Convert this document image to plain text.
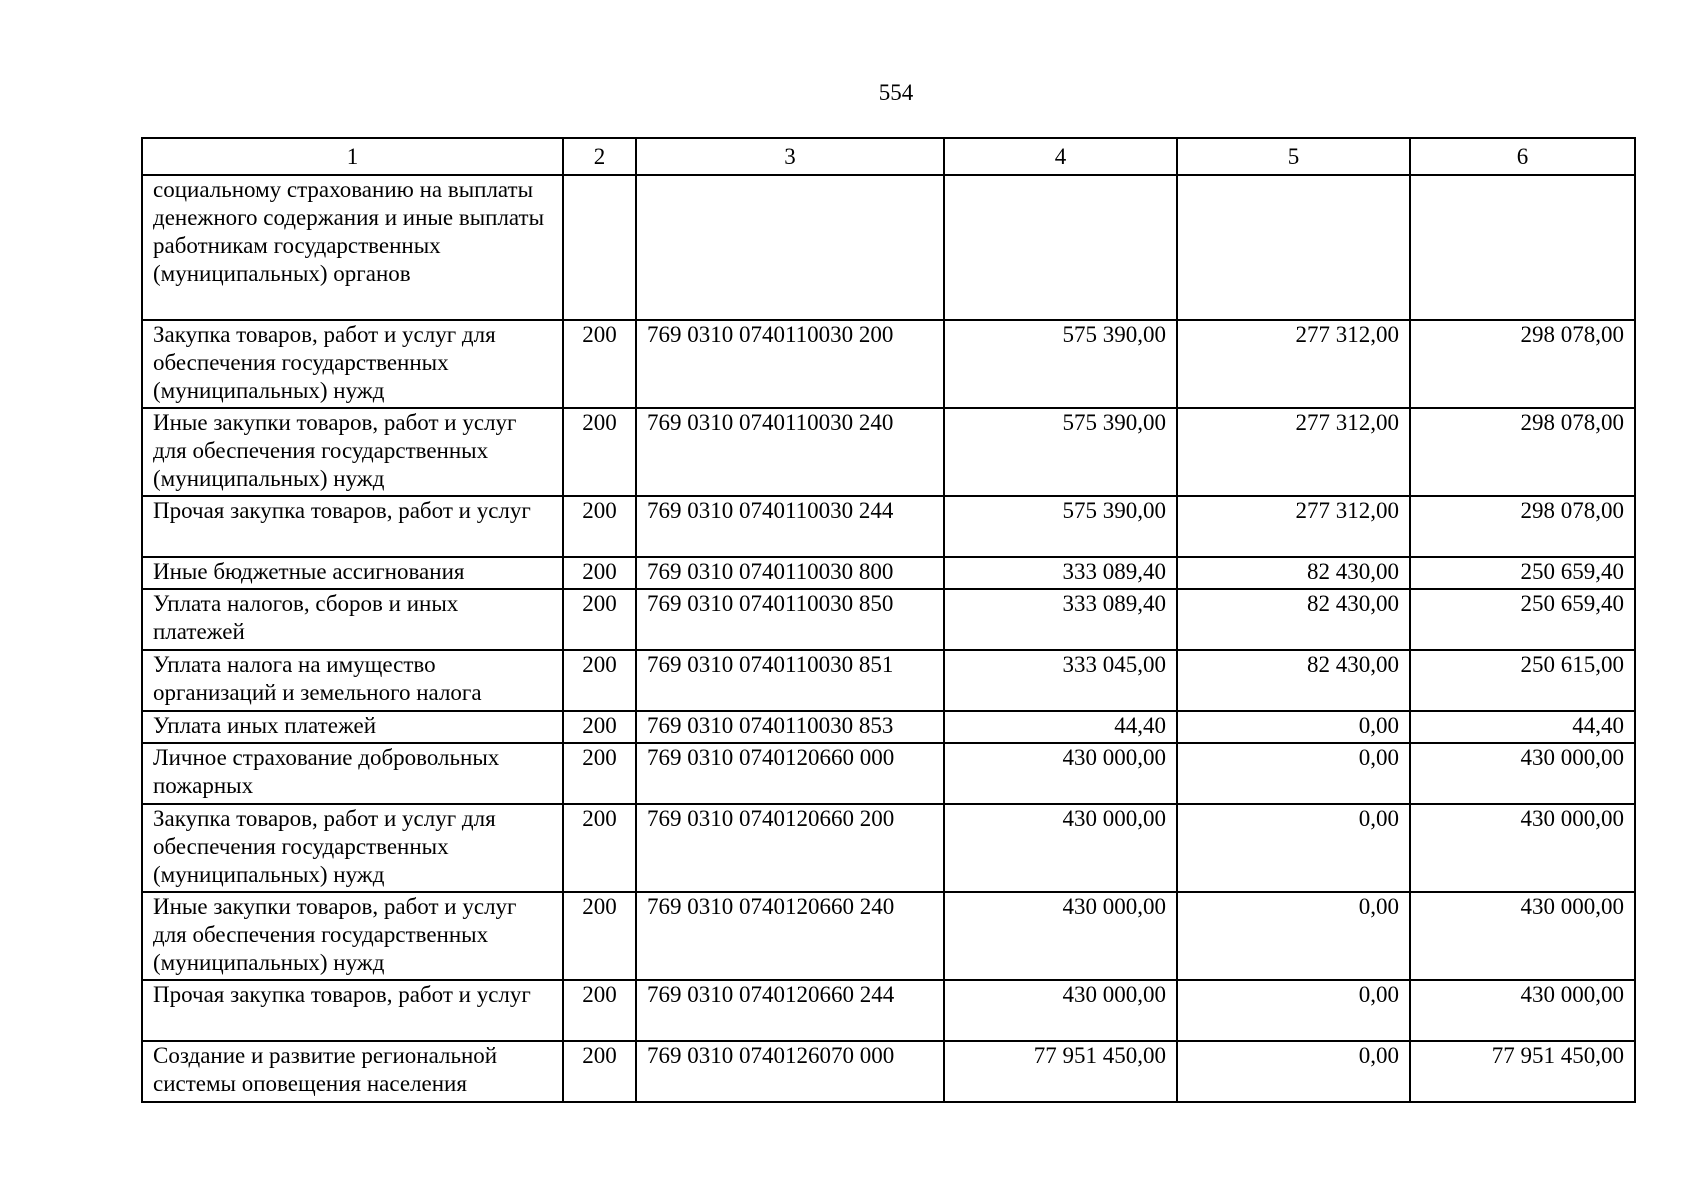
554
1	2	3	4	5	6
социальному страхованию на выплаты денежного содержания и иные выплаты работникам государственных (муниципальных) органов					
Закупка товаров, работ и услуг для обеспечения государственных (муниципальных) нужд	200	769 0310 0740110030 200	575 390,00	277 312,00	298 078,00
Иные закупки товаров, работ и услуг для обеспечения государственных (муниципальных) нужд	200	769 0310 0740110030 240	575 390,00	277 312,00	298 078,00
Прочая закупка товаров, работ и услуг	200	769 0310 0740110030 244	575 390,00	277 312,00	298 078,00
Иные бюджетные ассигнования	200	769 0310 0740110030 800	333 089,40	82 430,00	250 659,40
Уплата налогов, сборов и иных платежей	200	769 0310 0740110030 850	333 089,40	82 430,00	250 659,40
Уплата налога на имущество организаций и земельного налога	200	769 0310 0740110030 851	333 045,00	82 430,00	250 615,00
Уплата иных платежей	200	769 0310 0740110030 853	44,40	0,00	44,40
Личное страхование добровольных пожарных	200	769 0310 0740120660 000	430 000,00	0,00	430 000,00
Закупка товаров, работ и услуг для обеспечения государственных (муниципальных) нужд	200	769 0310 0740120660 200	430 000,00	0,00	430 000,00
Иные закупки товаров, работ и услуг для обеспечения государственных (муниципальных) нужд	200	769 0310 0740120660 240	430 000,00	0,00	430 000,00
Прочая закупка товаров, работ и услуг	200	769 0310 0740120660 244	430 000,00	0,00	430 000,00
Создание и развитие региональной системы оповещения населения	200	769 0310 0740126070 000	77 951 450,00	0,00	77 951 450,00
